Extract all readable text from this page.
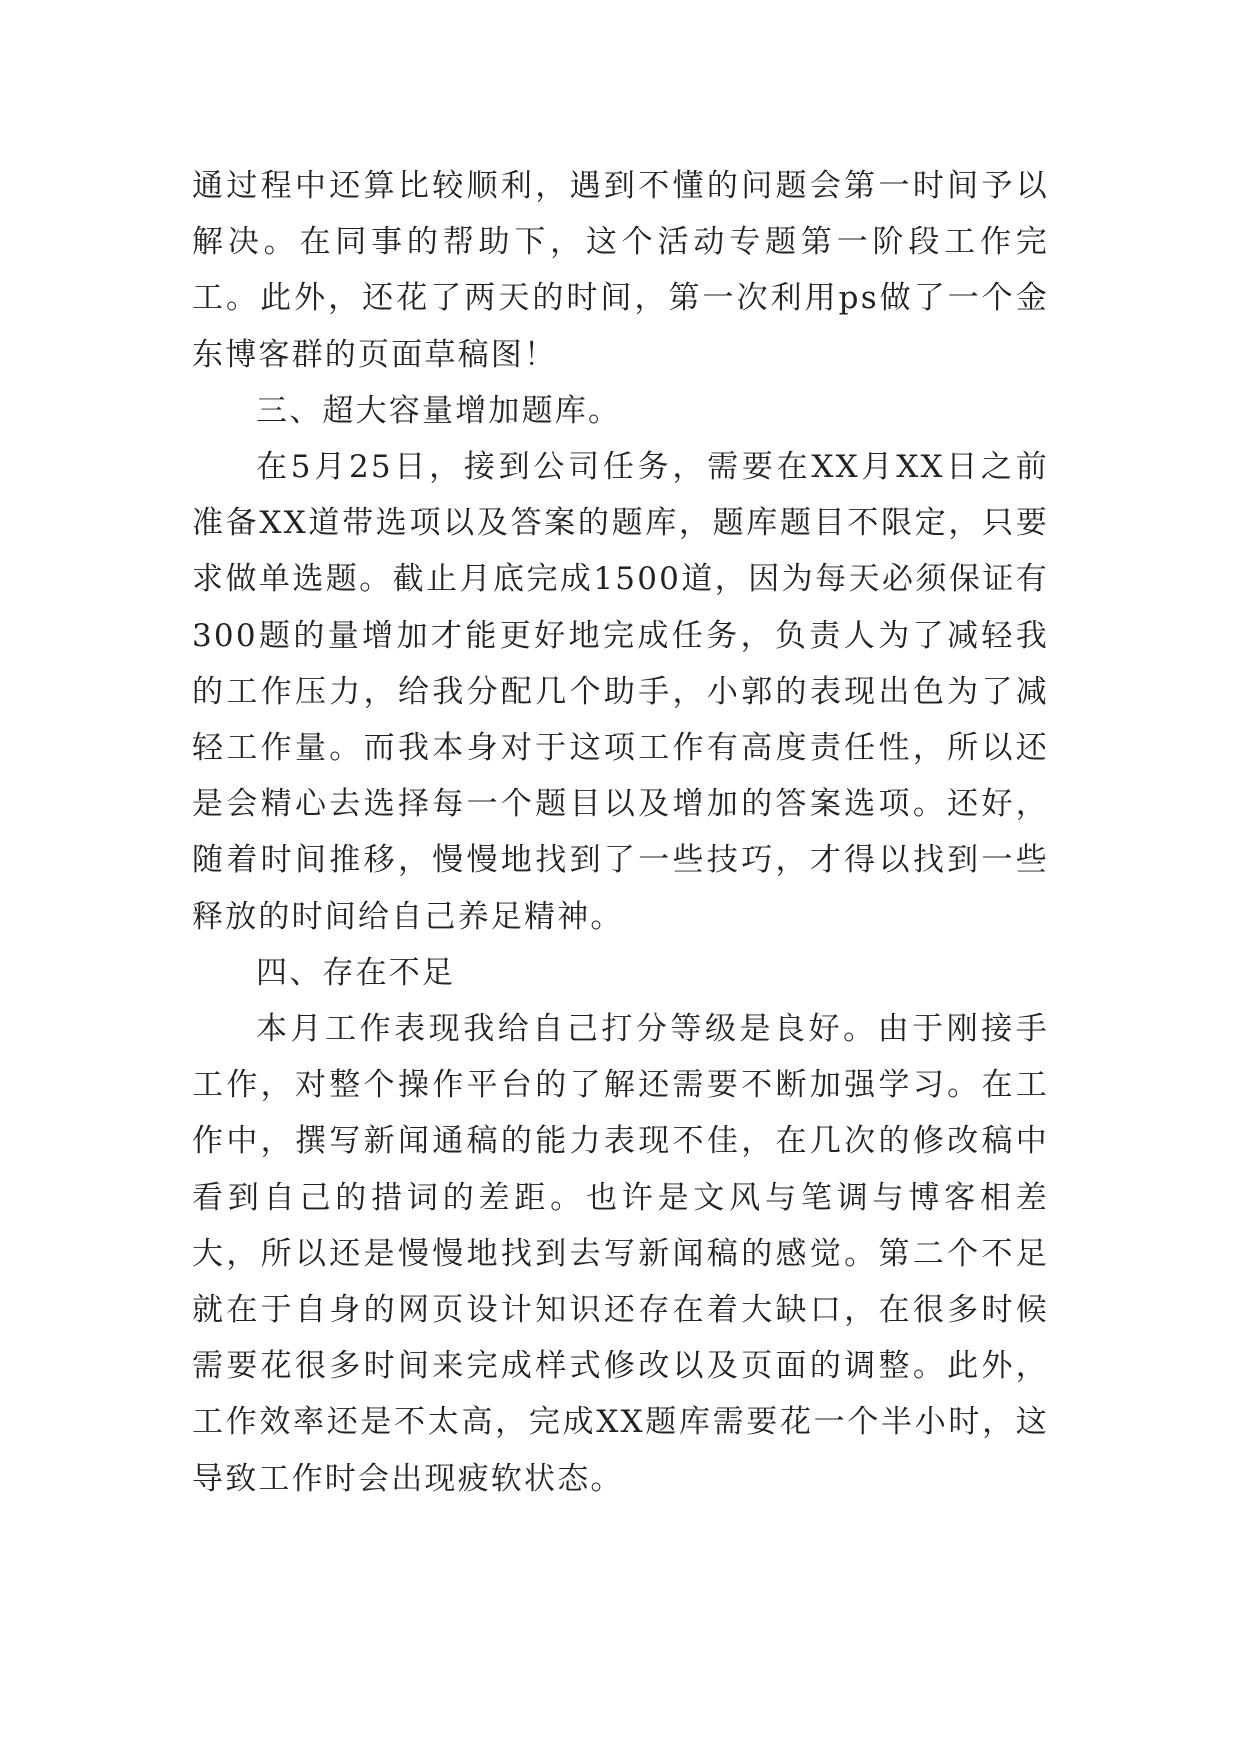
通过程中还算比较顺利，遇到不懂的问题会第一时间予以解决。在同事的帮助下，这个活动专题第一阶段工作完工。此外，还花了两天的时间，第一次利用ps做了一个金东博客群的页面草稿图！

三、超大容量增加题库。

在5月25日，接到公司任务，需要在XX月XX日之前准备XX道带选项以及答案的题库，题库题目不限定，只要求做单选题。截止月底完成1500道，因为每天必须保证有300题的量增加才能更好地完成任务，负责人为了减轻我的工作压力，给我分配几个助手，小郭的表现出色为了减轻工作量。而我本身对于这项工作有高度责任性，所以还是会精心去选择每一个题目以及增加的答案选项。还好，随着时间推移，慢慢地找到了一些技巧，才得以找到一些释放的时间给自己养足精神。

四、存在不足

本月工作表现我给自己打分等级是良好。由于刚接手工作，对整个操作平台的了解还需要不断加强学习。在工作中，撰写新闻通稿的能力表现不佳，在几次的修改稿中看到自己的措词的差距。也许是文风与笔调与博客相差大，所以还是慢慢地找到去写新闻稿的感觉。第二个不足就在于自身的网页设计知识还存在着大缺口，在很多时候需要花很多时间来完成样式修改以及页面的调整。此外，工作效率还是不太高，完成XX题库需要花一个半小时，这导致工作时会出现疲软状态。
